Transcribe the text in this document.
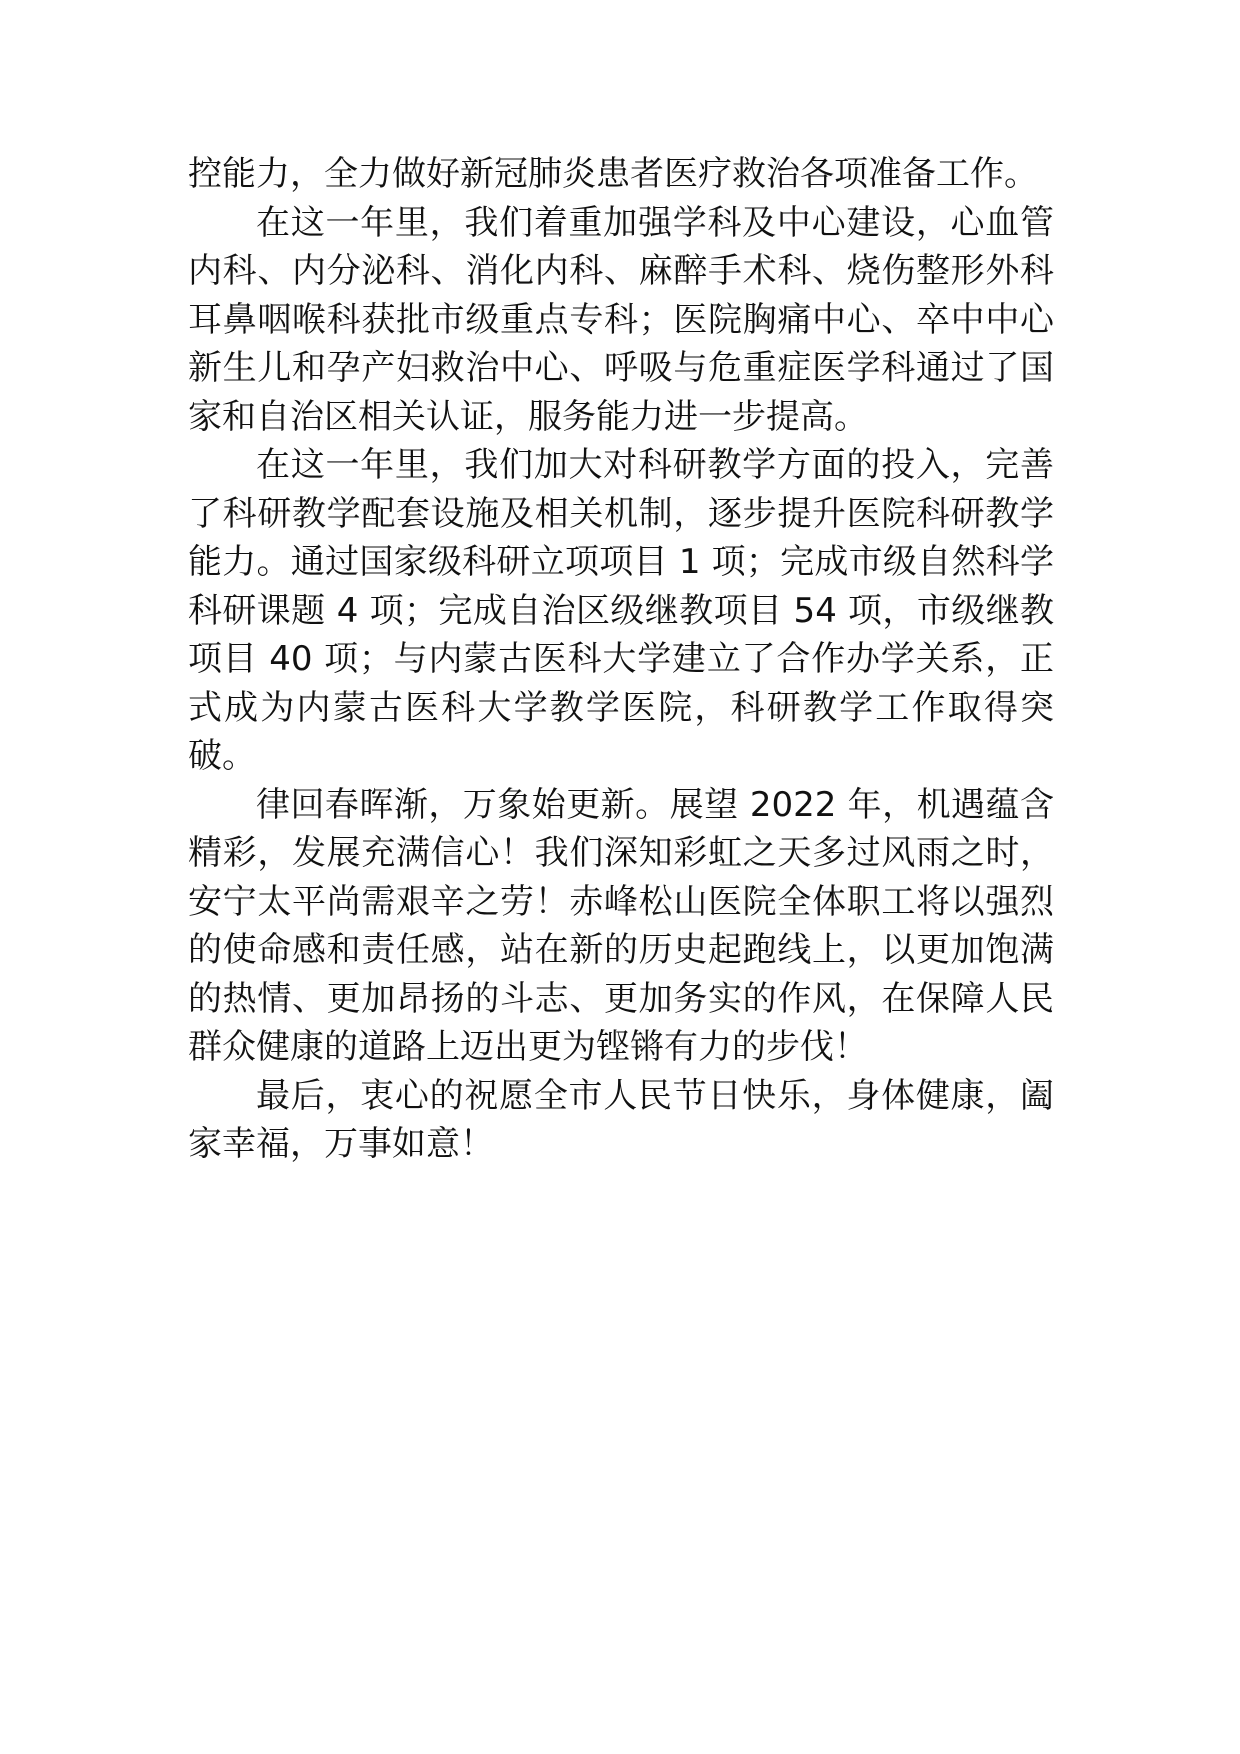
控能力，全力做好新冠肺炎患者医疗救治各项准备工作。

在这一年里，我们着重加强学科及中心建设，心血管内科、内分泌科、消化内科、麻醉手术科、烧伤整形外科耳鼻咽喉科获批市级重点专科；医院胸痛中心、卒中中心新生儿和孕产妇救治中心、呼吸与危重症医学科通过了国家和自治区相关认证，服务能力进一步提高。

在这一年里，我们加大对科研教学方面的投入，完善了科研教学配套设施及相关机制，逐步提升医院科研教学能力。通过国家级科研立项项目 1 项；完成市级自然科学科研课题 4 项；完成自治区级继教项目 54 项，市级继教项目 40 项；与内蒙古医科大学建立了合作办学关系，正式成为内蒙古医科大学教学医院，科研教学工作取得突破。

律回春晖渐，万象始更新。展望 2022 年，机遇蕴含精彩，发展充满信心！我们深知彩虹之天多过风雨之时，安宁太平尚需艰辛之劳！赤峰松山医院全体职工将以强烈的使命感和责任感，站在新的历史起跑线上，以更加饱满的热情、更加昂扬的斗志、更加务实的作风，在保障人民群众健康的道路上迈出更为铿锵有力的步伐！

最后，衷心的祝愿全市人民节日快乐，身体健康，阖家幸福，万事如意！
